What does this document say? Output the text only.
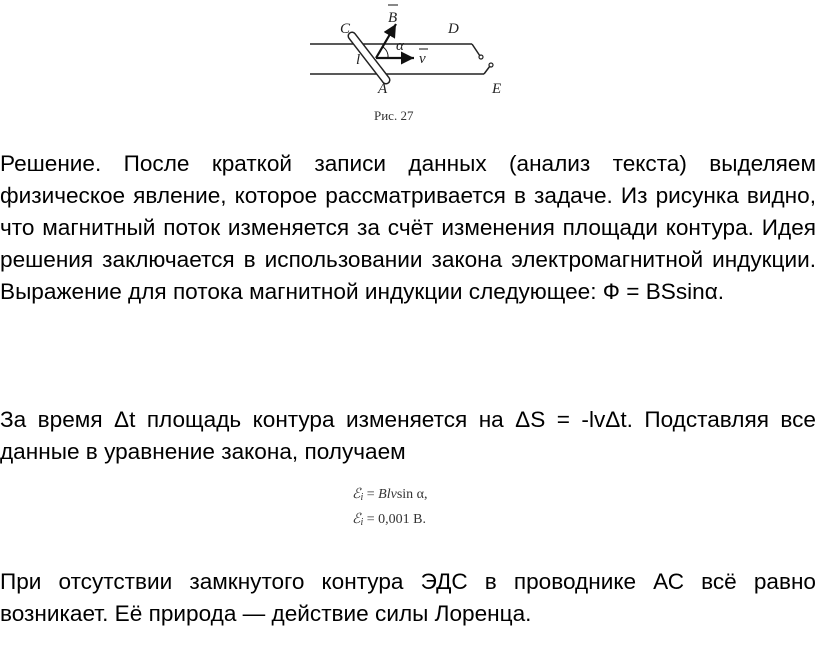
C
B
D
l
α
v
A	E
Рис. 27

Решение. После краткой записи данных (анализ текста) выделяем физическое явление, которое рассматривается в задаче. Из рисунка видно, что магнитный поток изменяется за счёт изменения площади контура. Идея решения заключается в использовании закона электромагнитной индукции. Выражение для потока магнитной индукции следующее: Ф = BSsinα.

За время Δt площадь контура изменяется на ΔS = -lvΔt. Подставляя все данные в уравнение закона, получаем

ℰ$_i$ = Blvsin α,
ℰ$_i$ = 0,001 В.

При отсутствии замкнутого контура ЭДС в проводнике АС всё равно возникает. Её природа — действие силы Лоренца.
